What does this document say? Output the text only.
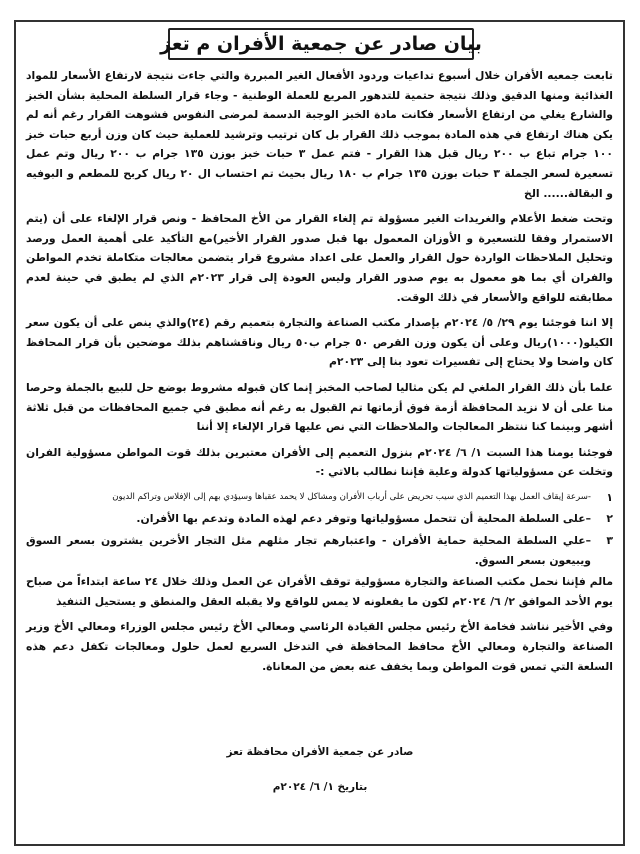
بيان صادر عن جمعية الأفران م تعز

تابعت جمعيه الأفران خلال أسبوع تداعيات وردود الأفعال الغير المبررة والتي جاءت نتيجة لارتفاع الأسعار للمواد الغذائية ومنها الدقيق وذلك نتيجة حتمية للتدهور المريع للعملة الوطنية - وجاء قرار السلطة المحلية بشأن الخبز والشارع يغلي من ارتفاع الأسعار فكانت مادة الخبز الوجبة الدسمة لمرضى النفوس فشوهت القرار رغم أنه لم يكن هناك ارتفاع في هذه المادة بموجب ذلك القرار بل كان ترتيب وترشيد للعملية حيث كان وزن أربع حبات خبز ١٠٠ جرام تباع ب ٢٠٠ ريال قبل هذا القرار - فتم عمل ٣ حبات خبز بوزن ١٣٥ جرام ب ٢٠٠ ريال وتم عمل تسعيرة لسعر الجملة ٣ حبات بوزن ١٣٥ جرام ب ١٨٠ ريال بحيث تم احتساب ال ٢٠ ريال كربح للمطعم و البوفيه و البقالة...... الخ

وتحت ضغط الأعلام والغريدات الغير مسؤولة تم إلغاء القرار من الأخ المحافظ - ونص قرار الإلغاء على أن (يتم الاستمرار وفقا للتسعيرة و الأوزان المعمول بها قبل صدور القرار الأخير)مع التأكيد على أهمية العمل ورصد وتحليل الملاحظات الواردة حول القرار والعمل على اعداد مشروع قرار يتضمن معالجات متكاملة تخدم المواطن والفران أي بما هو معمول به يوم صدور القرار وليس العودة إلى قرار ٢٠٢٣م الذي لم يطبق في حينة لعدم مطابقته للواقع والأسعار في ذلك الوقت.

إلا اننا فوجئنا يوم ٢٩/ ٥/ ٢٠٢٤م بإصدار مكتب الصناعة والتجارة بتعميم رقم (٢٤)والذي ينص على أن يكون سعر الكيلو(١٠٠٠)ريال وعلى أن يكون وزن القرص ٥٠ جرام ب٥٠ ريال وناقشناهم بذلك موضحين بأن قرار المحافظ كان واضحا ولا يحتاج إلى تفسيرات تعود بنا إلى ٢٠٢٣م

علما بأن ذلك القرار الملغي لم يكن مثاليا لصاحب المخبز إنما كان قبوله مشروط بوضع حل للبيع بالجملة وحرصا منا على أن لا نزيد المحافظة أزمة فوق أزماتها تم القبول به رغم أنه مطبق في جميع المحافظات من قبل ثلاثة أشهر وبينما كنا ننتظر المعالجات والملاحظات التي نص عليها قرار الإلغاء إلا أننا

فوجئنا يومنا هذا السبت ١/ ٦/ ٢٠٢٤م بنزول التعميم إلى الأفران معتبرين بذلك قوت المواطن مسؤولية الفران وتخلت عن مسؤولياتها كدولة وعلية فإننا نطالب بالاتي :-

١
-سرعة إيقاف العمل بهذا التعميم الذي سيب تحريض على أرباب الأفران ومشاكل لا يحمد عقباها وسيؤدي بهم إلى الإفلاس وتراكم الديون
٢
–على السلطة المحلية أن تتحمل مسؤولياتها وتوفر دعم لهذه المادة وتدعم بها الأفران.
٣
–علي السلطة المحلية حماية الأفران - واعتبارهم تجار مثلهم مثل التجار الأخرين يشترون بسعر السوق ويبيعون بسعر السوق.

مالم فإننا نحمل مكتب الصناعة والتجارة مسؤولية توقف الأفران عن العمل وذلك خلال ٢٤ ساعة ابتداءاً من صباح يوم الأحد الموافق ٢/ ٦/ ٢٠٢٤م لكون ما يفعلونه لا يمس للواقع ولا يقبله العقل والمنطق و يستحيل التنفيذ

وفي الأخير نناشد فخامة الأخ رئيس مجلس القيادة الرئاسي ومعالي الأخ رئيس مجلس الوزراء ومعالي الأخ وزير الصناعة والتجارة ومعالي الأخ محافظ المحافظة في التدخل السريع لعمل حلول ومعالجات تكفل دعم هذه السلعة التي تمس قوت المواطن وبما يخفف عنه بعض من المعاناة.

صادر عن جمعية الأفران محافظة تعز
بتاريخ ١/ ٦/ ٢٠٢٤م
